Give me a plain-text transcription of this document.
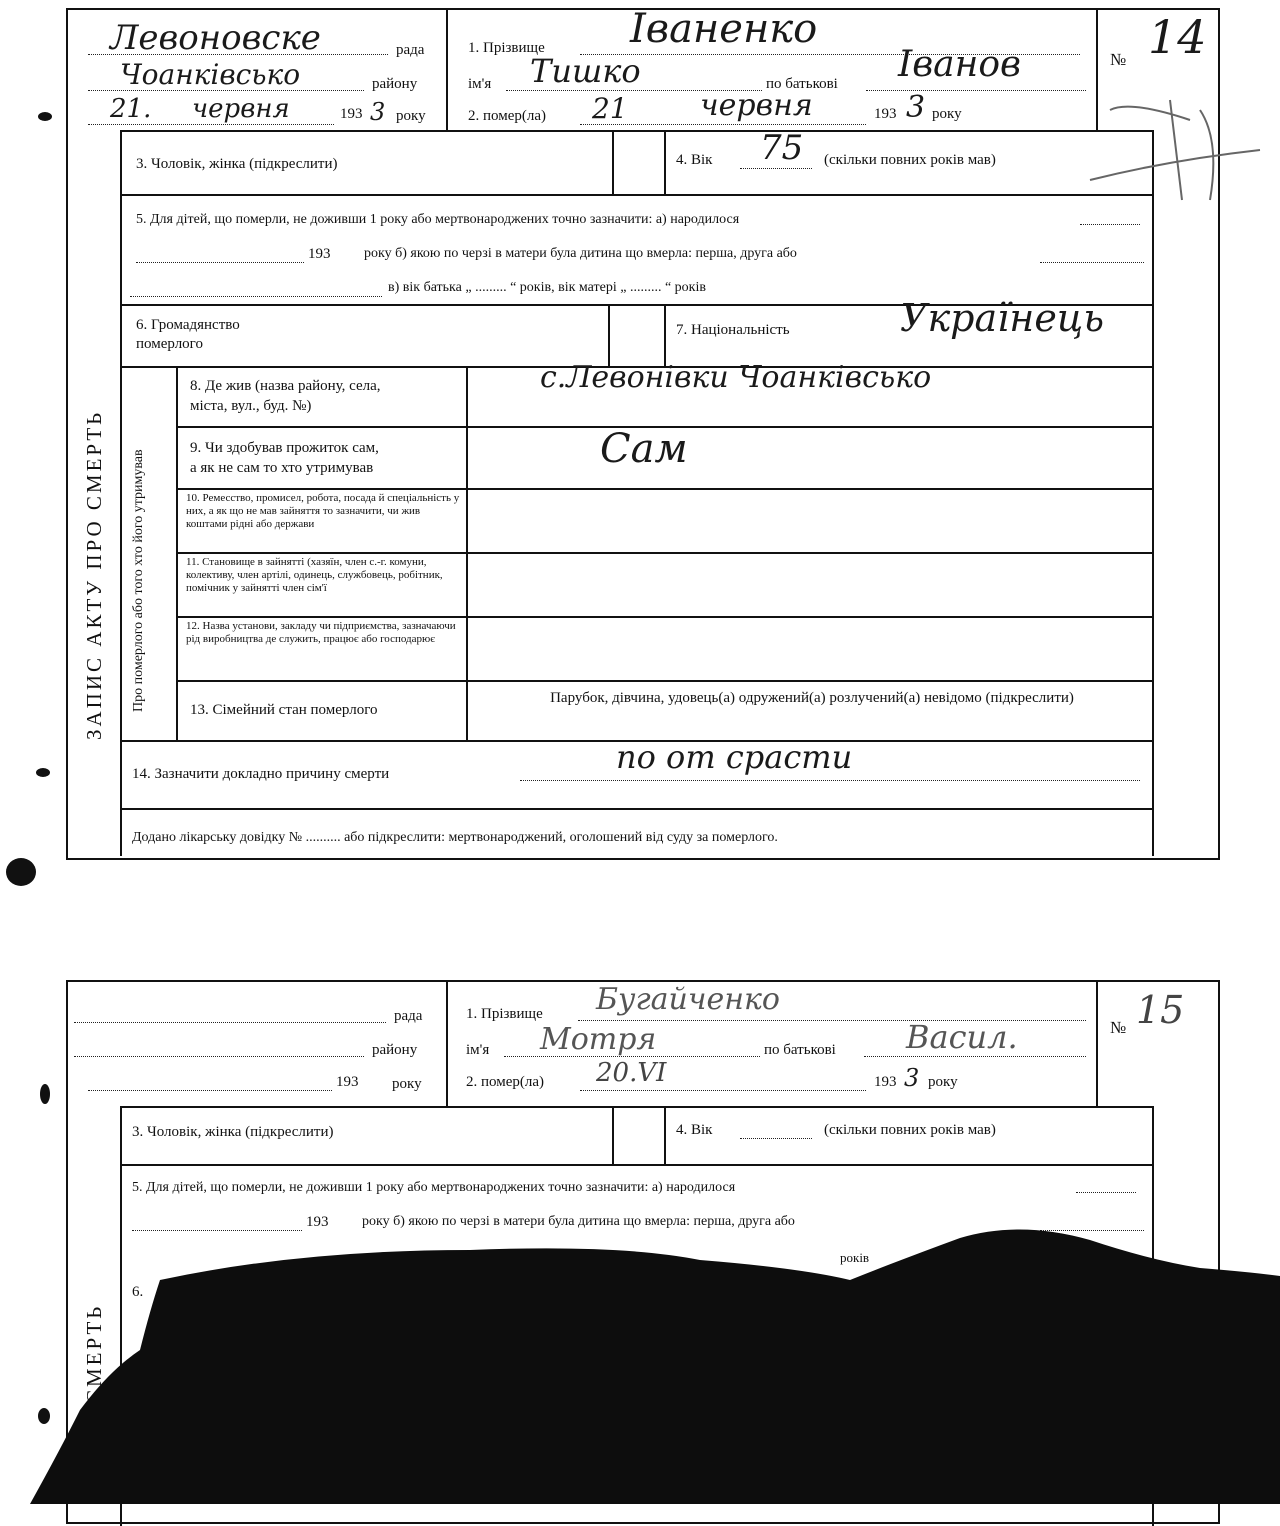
Левоновске	рада
Чоанківсько	району
21. червня	193 3 року
1. Прізвище Іваненко
ім'я Тишко	по батькові Іванов
2. помер(ла) 21 червня	193 3 року
№ 14
3. Чоловік, жінка (підкреслити)	4. Вік 75 (скільки повних років мав)
5. Для дітей, що померли, не доживши 1 року або мертвонароджених точно зазначити: а) народилося
193 року б) якою по черзі в матери була дитина що вмерла: перша, друга або
в) вік батька „ ......... “ років, вік матері „ ......... “ років
6. Громадянство
померлого
7. Національність	Українець
Про померлого або того хто його утримував
8. Де жив (назва району, села,
міста, вул., буд. №)
с.Левонівки Чоанківсько
9. Чи здобував прожиток сам,
а як не сам то хто утримував	Сам
10. Ремесство, промисел, робота, посада й спеціальність у них, а як що не мав зайняття то зазначити, чи жив коштами рідні або держави
11. Становище в зайнятті (хазяїн, член с.-г. комуни, колективу, член артілі, одинець, службовець, робітник, помічник у зайнятті член сім'ї
12. Назва установи, закладу чи підприємства, зазначаючи рід виробництва де служить, працює або господарює
13. Сімейний стан померлого
Парубок, дівчина, удовець(а) одружений(а) розлучений(а) невідомо (підкреслити)
14. Зазначити докладно причину смерти	по от срасти
Додано лікарську довідку № .......... або підкреслити: мертвонароджений, оголошений від суду за померлого.
ЗАПИС АКТУ ПРО СМЕРТЬ
рада
району
193 року
1. Прізвище Бугайченко
ім'я Мотря	по батькові Васил.
2. помер(ла) 20.VI	193 3 року
№ 15
3. Чоловік, жінка (підкреслити)	4. Вік	(скільки повних років мав)
5. Для дітей, що померли, не доживши 1 року або мертвонароджених точно зазначити: а) народилося
193 року б) якою по черзі в матери була дитина що вмерла: перша, друга або
років
6.
СМЕРТЬ
